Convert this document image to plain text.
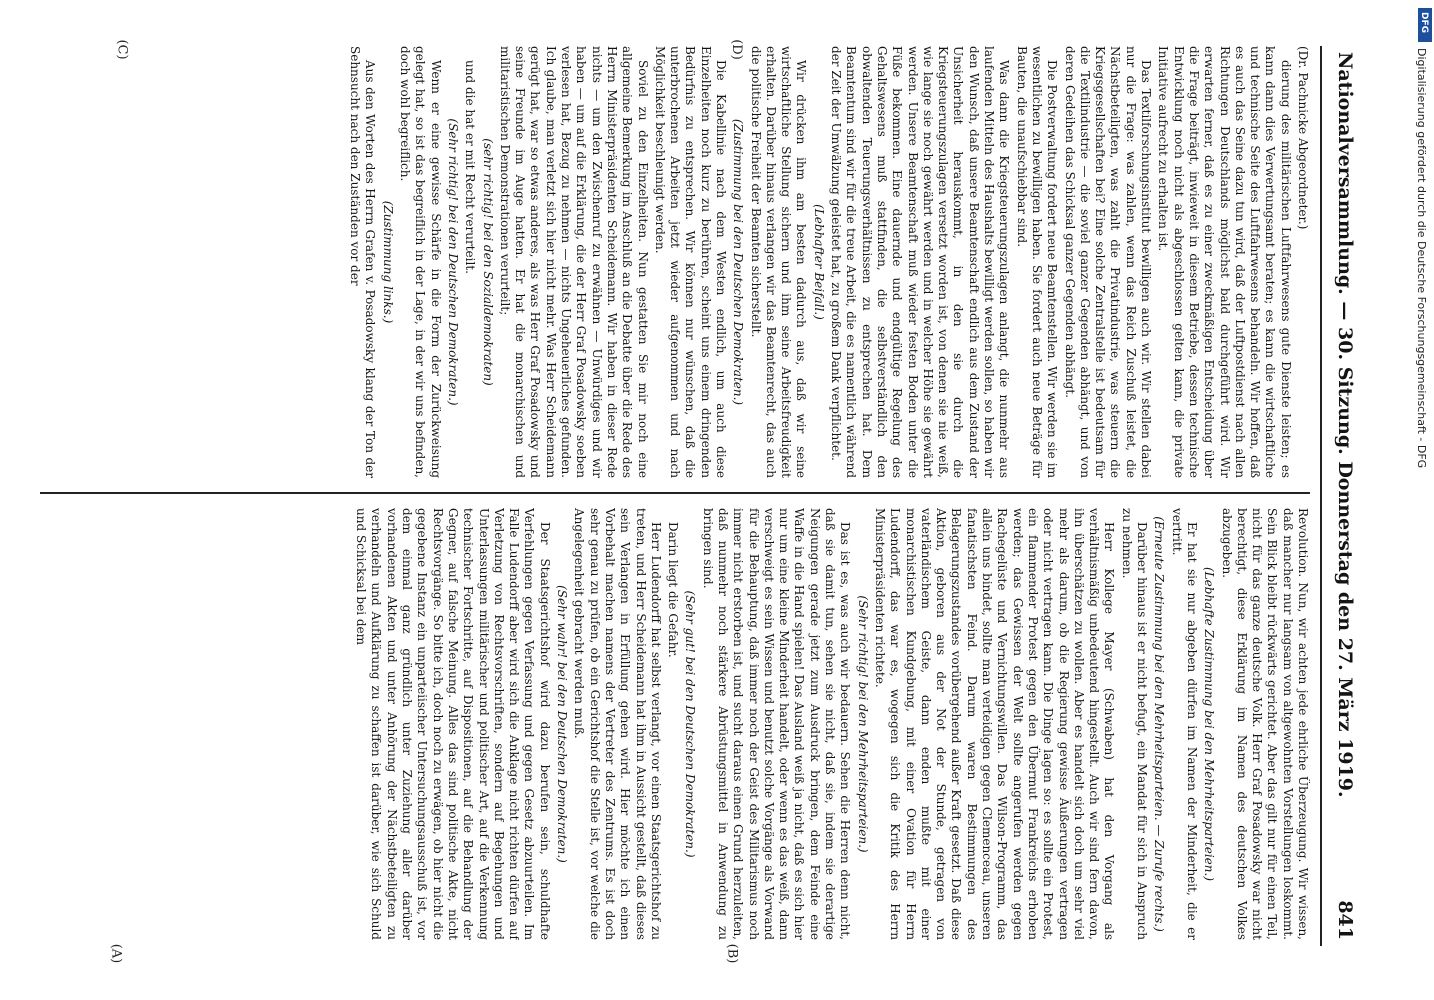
Nationalversammlung. — 30. Sitzung. Donnerstag den 27. März 1919.
841

(Dr. Pachnicke Abgeordneter.)

dierung des militärischen Luftfahrwesens gute Dienste leisten; es kann dann dies Verwertungsamt beraten; es kann die wirtschaftliche und technische Seite des Luftfahrwesens behandeln. Wir hoffen, daß es auch das Seine dazu tun wird, daß der Luftpostdienst nach allen Richtungen Deutschlands möglichst bald durchgeführt wird. Wir erwarten ferner, daß es zu einer zweckmäßigen Entscheidung über die Frage beiträgt, inwieweit in diesem Betriebe, dessen technische Entwicklung noch nicht als abgeschlossen gelten kann, die private Initiative aufrecht zu erhalten ist.

Das Textilforschungsinstitut bewilligen auch wir. Wir stellen dabei nur die Frage: was zahlen, wenn das Reich Zuschuß leistet, die Nächstbeteiligten, was zahlt die Privatindustrie, was steuern die Kriegsgesellschaften bei? Eine solche Zentralstelle ist bedeutsam für die Textilindustrie — die soviel ganzer Gegenden abhängt, und von deren Gedeihen das Schicksal ganzer Gegenden abhängt.

Die Postverwaltung fordert neue Beamtenstellen. Wir werden sie im wesentlichen zu bewilligen haben. Sie fordert auch neue Beträge für Bauten, die unaufschiebbar sind.

Was dann die Kriegsteuerungszulagen anlangt, die nunmehr aus laufenden Mitteln des Haushalts bewilligt werden sollen, so haben wir den Wunsch, daß unsere Beamtenschaft endlich aus dem Zustand der Unsicherheit herauskommt, in den sie durch die Kriegsteuerungszulagen versetzt worden ist, von denen sie nie weiß, wie lange sie noch gewährt werden und in welcher Höhe sie gewährt werden. Unsere Beamtenschaft muß wieder festen Boden unter die Füße bekommen. Eine dauernde und endgültige Regelung des Gehaltswesens muß stattfinden, die selbstverständlich den obwaltenden Teuerungsverhältnissen zu entsprechen hat. Dem Beamtentum sind wir für die treue Arbeit, die es namentlich während der Zeit der Umwälzung geleistet hat, zu großem Dank verpflichtet.

(Lebhafter Beifall.)

Wir drücken ihm am besten dadurch aus, daß wir seine wirtschaftliche Stellung sichern und ihm seine Arbeitsfreudigkeit erhalten. Darüber hinaus verlangen wir das Beamtenrecht, das auch die politische Freiheit der Beamten sicherstellt.

(Zustimmung bei den Deutschen Demokraten.)

Die Kabellinie nach dem Westen endlich, um auch diese Einzelheiten noch kurz zu berühren, scheint uns einem dringenden Bedürfnis zu entsprechen. Wir können nur wünschen, daß die unterbrochenen Arbeiten jetzt wieder aufgenommen und nach Möglichkeit beschleunigt werden.

Soviel zu den Einzelheiten. Nun gestatten Sie mir noch eine allgemeine Bemerkung im Anschluß an die Debatte über die Rede des Herrn Ministerpräsidenten Scheidemann. Wir haben in dieser Rede nichts — um den Zwischenruf zu erwähnen — Unwürdiges und wir haben — um auf die Erklärung, die der Herr Graf Posadowsky soeben verlesen hat, Bezug zu nehmen — nichts Ungeheuerliches gefunden. Ich glaube, man verletzt sich hier nicht mehr. Was Herr Scheidemann gerügt hat, war so etwas anderes, als was Herr Graf Posadowsky und seine Freunde im Auge hatten. Er hat die monarchischen und militaristischen Demonstrationen verurteilt;

(sehr richtig! bei den Sozialdemokraten)

und die hat er mit Recht verurteilt.

(Sehr richtig! bei den Deutschen Demokraten.)

Wenn er eine gewisse Schärfe in die Form der Zurückweisung gelegt hat, so ist das begreiflich in der Lage, in der wir uns befinden, doch wohl begreiflich.

(Zustimmung links.)

Aus den Worten des Herrn Grafen v. Posadowsky klang der Ton der Sehnsucht nach den Zuständen vor der

Revolution. Nun, wir achten jede ehrliche Überzeugung. Wir wissen, daß mancher nur langsam von altgewohnten Vorstellungen loskommt. Sein Blick bleibt rückwärts gerichtet. Aber das gilt nur für einen Teil, nicht für das ganze deutsche Volk. Herr Graf Posadowsky war nicht berechtigt, diese Erklärung im Namen des deutschen Volkes abzugeben.

(Lebhafte Zustimmung bei den Mehrheitsparteien.)

Er hat sie nur abgeben dürfen im Namen der Minderheit, die er vertritt.

(Erneute Zustimmung bei den Mehrheitsparteien. — Zurufe rechts.)

Darüber hinaus ist er nicht befugt, ein Mandat für sich in Anspruch zu nehmen.

Herr Kollege Mayer (Schwaben) hat den Vorgang als verhältnismäßig unbedeutend hingestellt. Auch wir sind fern davon, ihn überschätzen zu wollen. Aber es handelt sich doch um sehr viel mehr als darum, ob die Regierung gewisse Äußerungen vertragen oder nicht vertragen kann. Die Dinge lagen so: es sollte ein Protest, ein flammender Protest gegen den Übermut Frankreichs erhoben werden; das Gewissen der Welt sollte angerufen werden gegen Rachegelüste und Vernichtungswillen. Das Wilson-Programm, das allein uns bindet, sollte man verteidigen gegen Clemenceau, unseren fanatischsten Feind. Darum waren Bestimmungen des Belagerungszustandes vorübergehend außer Kraft gesetzt. Daß diese Aktion, geboren aus der Not der Stunde, getragen von vaterländischem Geiste, dann enden mußte mit einer monarchistischen Kundgebung, mit einer Ovation für Herrn Ludendorff, das war es, wogegen sich die Kritik des Herrn Ministerpräsidenten richtete.

(Sehr richtig! bei den Mehrheitsparteien.)

Das ist es, was auch wir bedauern. Sehen die Herren denn nicht, daß sie damit tun, sehen sie nicht, daß sie, indem sie derartige Neigungen gerade jetzt zum Ausdruck bringen, dem Feinde eine Waffe in die Hand spielen! Das Ausland weiß ja nicht, daß es sich hier nur um eine kleine Minderheit handelt, oder wenn es das weiß, dann verschweigt es sein Wissen und benutzt solche Vorgänge als Vorwand für die Behauptung, daß immer noch der Geist des Militarismus noch immer nicht erstorben ist, und sucht daraus einen Grund herzuleiten, daß nunmehr noch stärkere Abrüstungsmittel in Anwendung zu bringen sind.

(Sehr gut! bei den Deutschen Demokraten.)

Darin liegt die Gefahr.

Herr Ludendorff hat selbst verlangt, vor einen Staatsgerichtshof zu treten, und Herr Scheidemann hat ihm in Aussicht gestellt, daß dieses sein Verlangen in Erfüllung gehen wird. Hier möchte ich einen Vorbehalt machen namens der Vertreter des Zentrums. Es ist doch sehr genau zu prüfen, ob ein Gerichtshof die Stelle ist, vor welche die Angelegenheit gebracht werden muß.

(Sehr wahr! bei den Deutschen Demokraten.)

Der Staatsgerichtshof wird dazu berufen sein, schuldhafte Verfehlungen gegen Verfassung und gegen Gesetz abzuurteilen. Im Falle Ludendorff aber wird sich die Anklage nicht richten dürfen auf Verletzung von Rechtsvorschriften, sondern auf Begehungen und Unterlassungen militärischer und politischer Art, auf die Verkennung technischer Fortschritte, auf Dispositionen, auf die Behandlung der Gegner, auf falsche Meinung. Alles das sind politische Akte, nicht Rechtsvorgänge. So bitte ich, doch noch zu erwägen, ob hier nicht die gegebene Instanz ein unparteiischer Untersuchungsausschuß ist, vor dem einmal ganz gründlich unter Zuziehung aller darüber vorhandenen Akten und unter Anhörung der Nächstbeteiligten zu verhandeln und Aufklärung zu schaffen ist darüber, wie sich Schuld und Schicksal bei dem

(A)	(B)
(C)	(D)
DFG
Digitalisierung gefördert durch die Deutsche Forschungsgemeinschaft - DFG
